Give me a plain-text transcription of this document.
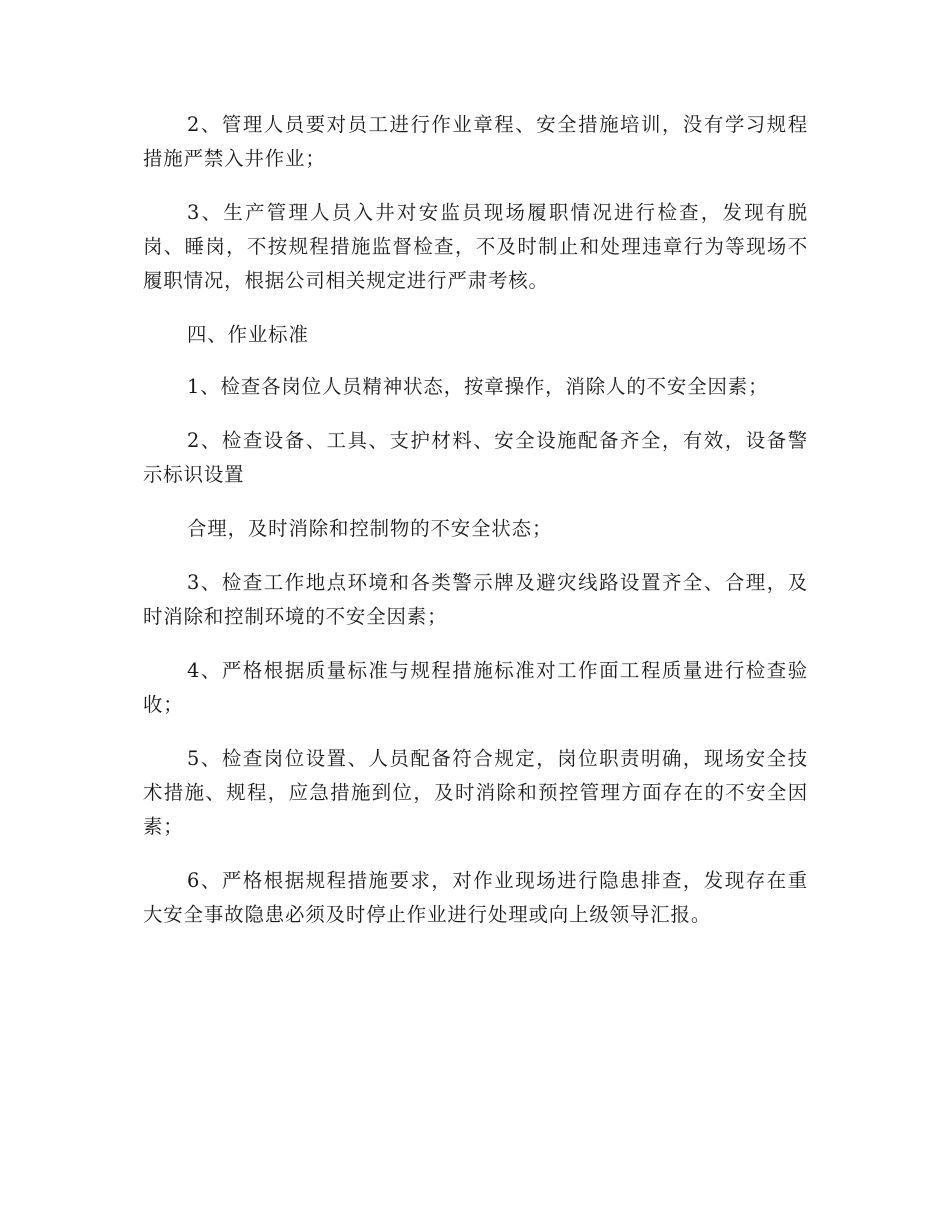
2、管理人员要对员工进行作业章程、安全措施培训，没有学习规程措施严禁入井作业；

3、生产管理人员入井对安监员现场履职情况进行检查，发现有脱岗、睡岗，不按规程措施监督检查，不及时制止和处理违章行为等现场不履职情况，根据公司相关规定进行严肃考核。

四、作业标准

1、检查各岗位人员精神状态，按章操作，消除人的不安全因素；

2、检查设备、工具、支护材料、安全设施配备齐全，有效，设备警示标识设置

合理，及时消除和控制物的不安全状态；

3、检查工作地点环境和各类警示牌及避灾线路设置齐全、合理，及时消除和控制环境的不安全因素；

4、严格根据质量标准与规程措施标准对工作面工程质量进行检查验收；

5、检查岗位设置、人员配备符合规定，岗位职责明确，现场安全技术措施、规程，应急措施到位，及时消除和预控管理方面存在的不安全因素；

6、严格根据规程措施要求，对作业现场进行隐患排查，发现存在重大安全事故隐患必须及时停止作业进行处理或向上级领导汇报。
